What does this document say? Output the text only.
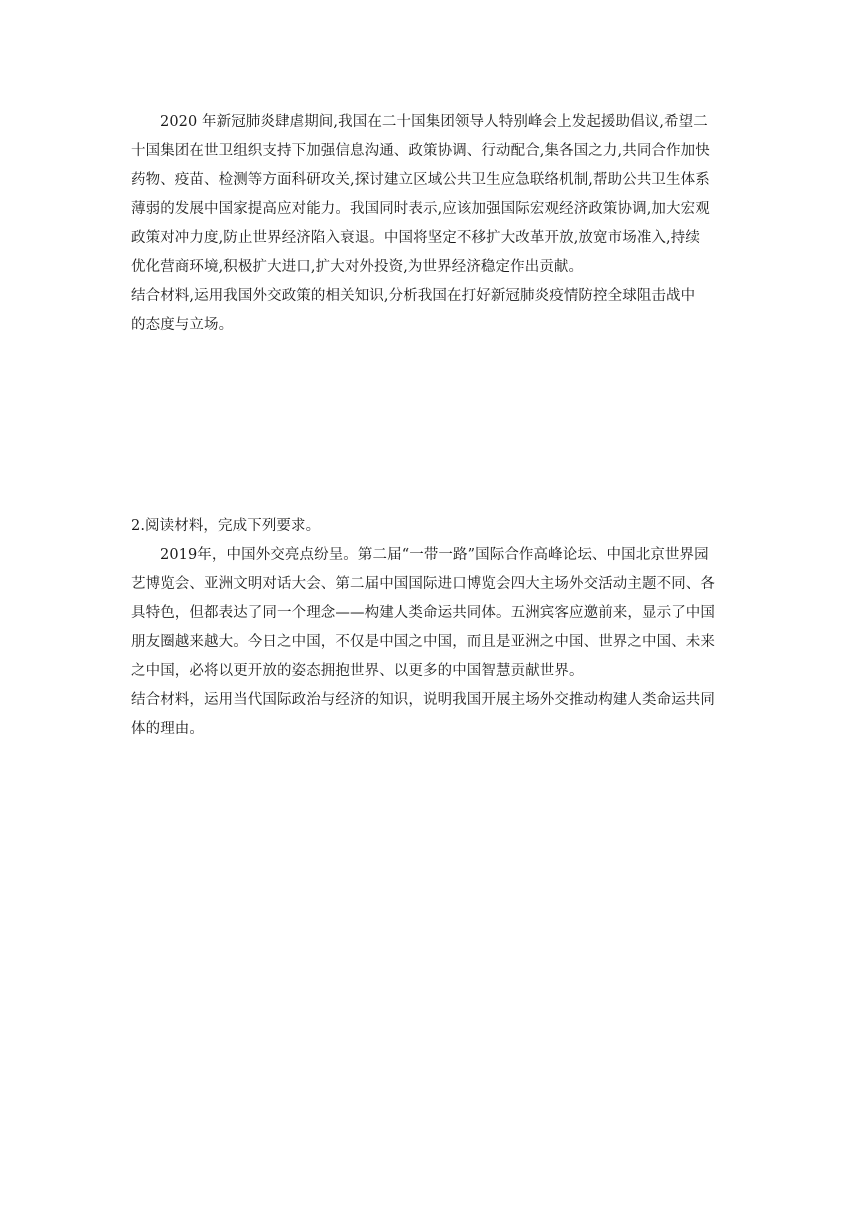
2020 年新冠肺炎肆虐期间,我国在二十国集团领导人特别峰会上发起援助倡议,希望二
十国集团在世卫组织支持下加强信息沟通、政策协调、行动配合,集各国之力,共同合作加快
药物、疫苗、检测等方面科研攻关,探讨建立区域公共卫生应急联络机制,帮助公共卫生体系
薄弱的发展中国家提高应对能力。我国同时表示,应该加强国际宏观经济政策协调,加大宏观
政策对冲力度,防止世界经济陷入衰退。中国将坚定不移扩大改革开放,放宽市场准入,持续
优化营商环境,积极扩大进口,扩大对外投资,为世界经济稳定作出贡献。
结合材料,运用我国外交政策的相关知识,分析我国在打好新冠肺炎疫情防控全球阻击战中
的态度与立场。
2.阅读材料，完成下列要求。
2019年，中国外交亮点纷呈。第二届“一带一路”国际合作高峰论坛、中国北京世界园
艺博览会、亚洲文明对话大会、第二届中国国际进口博览会四大主场外交活动主题不同、各
具特色，但都表达了同一个理念——构建人类命运共同体。五洲宾客应邀前来，显示了中国
朋友圈越来越大。今日之中国，不仅是中国之中国，而且是亚洲之中国、世界之中国、未来
之中国，必将以更开放的姿态拥抱世界、以更多的中国智慧贡献世界。
结合材料，运用当代国际政治与经济的知识，说明我国开展主场外交推动构建人类命运共同
体的理由。
